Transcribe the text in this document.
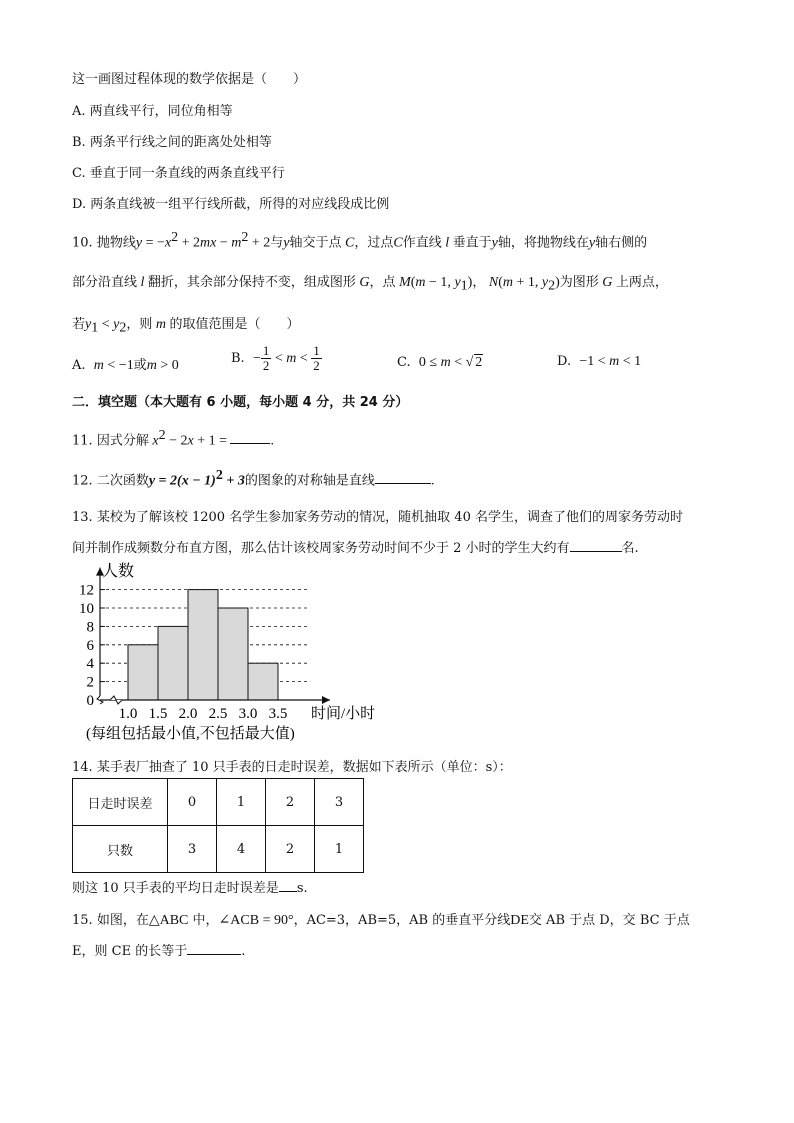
这一画图过程体现的数学依据是（　　）
A. 两直线平行，同位角相等
B. 两条平行线之间的距离处处相等
C. 垂直于同一条直线的两条直线平行
D. 两条直线被一组平行线所截，所得的对应线段成比例
10. 抛物线$y = -x^2 + 2mx - m^2 + 2$与y轴交于点 C，过点C作直线 l 垂直于y轴，将抛物线在y轴右侧的
部分沿直线 l 翻折，其余部分保持不变，组成图形 G，点 M(m − 1, $y_1$)， N(m + 1, $y_2$)为图形 G 上两点，
若$y_1 < y_2$，则 m 的取值范围是（　　）
A. m < −1或m > 0	B. − $\frac{1}{2} < m < \frac{1}{2}$	C. 0 ≤ m < √ 2	D. −1 < m < 1
二．填空题（本大题有 6 小题，每小题 4 分，共 24 分）
11. 因式分解 $x^2 - 2x + 1$ =	.
12. 二次函数$y = 2(x - 1)^2 + 3$的图象的对称轴是直线	.
13. 某校为了解该校 1200 名学生参加家务劳动的情况，随机抽取 40 名学生，调查了他们的周家务劳动时
间并制作成频数分布直方图，那么估计该校周家务劳动时间不少于 2 小时的学生大约有	名.
0
2
4
6
8
10
12
1.0 1.5 2.0 2.5 3.0 3.5
人数
时间/小时
(每组包括最小值,不包括最大值)
14. 某手表厂抽查了 10 只手表的日走时误差，数据如下表所示（单位：s）：
日走时误差	0	1	2	3
只数	3	4	2	1
则这 10 只手表的平均日走时误差是 s.
15. 如图，在△ABC 中，∠ACB = 90°，AC=3，AB=5，AB 的垂直平分线DE交 AB 于点 D，交 BC 于点
E，则 CE 的长等于	.
